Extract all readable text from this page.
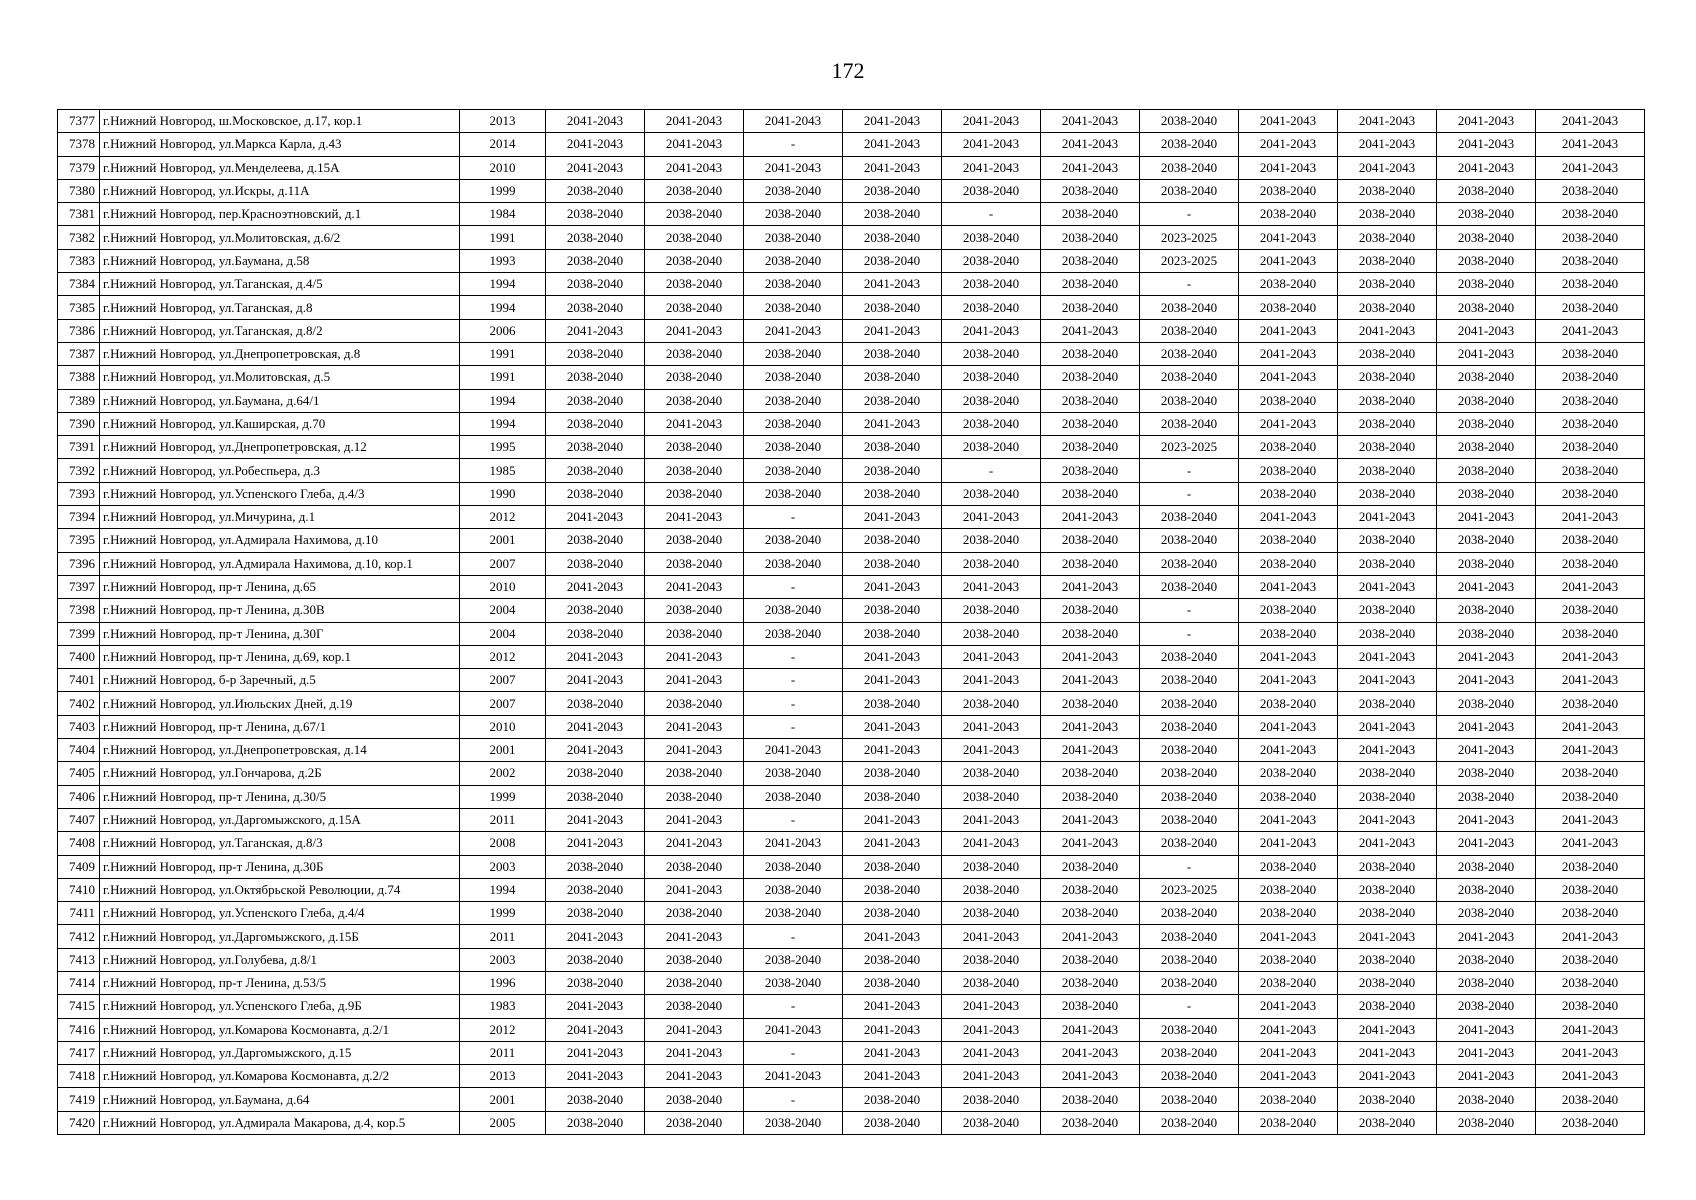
172
7377	г.Нижний Новгород, ш.Московское, д.17, кор.1	2013	2041-2043	2041-2043	2041-2043	2041-2043	2041-2043	2041-2043	2038-2040	2041-2043	2041-2043	2041-2043	2041-2043
7378	г.Нижний Новгород, ул.Маркса Карла, д.43	2014	2041-2043	2041-2043	-	2041-2043	2041-2043	2041-2043	2038-2040	2041-2043	2041-2043	2041-2043	2041-2043
7379	г.Нижний Новгород, ул.Менделеева, д.15А	2010	2041-2043	2041-2043	2041-2043	2041-2043	2041-2043	2041-2043	2038-2040	2041-2043	2041-2043	2041-2043	2041-2043
7380	г.Нижний Новгород, ул.Искры, д.11А	1999	2038-2040	2038-2040	2038-2040	2038-2040	2038-2040	2038-2040	2038-2040	2038-2040	2038-2040	2038-2040	2038-2040
7381	г.Нижний Новгород, пер.Красноэтновский, д.1	1984	2038-2040	2038-2040	2038-2040	2038-2040	-	2038-2040	-	2038-2040	2038-2040	2038-2040	2038-2040
7382	г.Нижний Новгород, ул.Молитовская, д.6/2	1991	2038-2040	2038-2040	2038-2040	2038-2040	2038-2040	2038-2040	2023-2025	2041-2043	2038-2040	2038-2040	2038-2040
7383	г.Нижний Новгород, ул.Баумана, д.58	1993	2038-2040	2038-2040	2038-2040	2038-2040	2038-2040	2038-2040	2023-2025	2041-2043	2038-2040	2038-2040	2038-2040
7384	г.Нижний Новгород, ул.Таганская, д.4/5	1994	2038-2040	2038-2040	2038-2040	2041-2043	2038-2040	2038-2040	-	2038-2040	2038-2040	2038-2040	2038-2040
7385	г.Нижний Новгород, ул.Таганская, д.8	1994	2038-2040	2038-2040	2038-2040	2038-2040	2038-2040	2038-2040	2038-2040	2038-2040	2038-2040	2038-2040	2038-2040
7386	г.Нижний Новгород, ул.Таганская, д.8/2	2006	2041-2043	2041-2043	2041-2043	2041-2043	2041-2043	2041-2043	2038-2040	2041-2043	2041-2043	2041-2043	2041-2043
7387	г.Нижний Новгород, ул.Днепропетровская, д.8	1991	2038-2040	2038-2040	2038-2040	2038-2040	2038-2040	2038-2040	2038-2040	2041-2043	2038-2040	2041-2043	2038-2040
7388	г.Нижний Новгород, ул.Молитовская, д.5	1991	2038-2040	2038-2040	2038-2040	2038-2040	2038-2040	2038-2040	2038-2040	2041-2043	2038-2040	2038-2040	2038-2040
7389	г.Нижний Новгород, ул.Баумана, д.64/1	1994	2038-2040	2038-2040	2038-2040	2038-2040	2038-2040	2038-2040	2038-2040	2038-2040	2038-2040	2038-2040	2038-2040
7390	г.Нижний Новгород, ул.Каширская, д.70	1994	2038-2040	2041-2043	2038-2040	2041-2043	2038-2040	2038-2040	2038-2040	2041-2043	2038-2040	2038-2040	2038-2040
7391	г.Нижний Новгород, ул.Днепропетровская, д.12	1995	2038-2040	2038-2040	2038-2040	2038-2040	2038-2040	2038-2040	2023-2025	2038-2040	2038-2040	2038-2040	2038-2040
7392	г.Нижний Новгород, ул.Робеспьера, д.3	1985	2038-2040	2038-2040	2038-2040	2038-2040	-	2038-2040	-	2038-2040	2038-2040	2038-2040	2038-2040
7393	г.Нижний Новгород, ул.Успенского Глеба, д.4/3	1990	2038-2040	2038-2040	2038-2040	2038-2040	2038-2040	2038-2040	-	2038-2040	2038-2040	2038-2040	2038-2040
7394	г.Нижний Новгород, ул.Мичурина, д.1	2012	2041-2043	2041-2043	-	2041-2043	2041-2043	2041-2043	2038-2040	2041-2043	2041-2043	2041-2043	2041-2043
7395	г.Нижний Новгород, ул.Адмирала Нахимова, д.10	2001	2038-2040	2038-2040	2038-2040	2038-2040	2038-2040	2038-2040	2038-2040	2038-2040	2038-2040	2038-2040	2038-2040
7396	г.Нижний Новгород, ул.Адмирала Нахимова, д.10, кор.1	2007	2038-2040	2038-2040	2038-2040	2038-2040	2038-2040	2038-2040	2038-2040	2038-2040	2038-2040	2038-2040	2038-2040
7397	г.Нижний Новгород, пр-т Ленина, д.65	2010	2041-2043	2041-2043	-	2041-2043	2041-2043	2041-2043	2038-2040	2041-2043	2041-2043	2041-2043	2041-2043
7398	г.Нижний Новгород, пр-т Ленина, д.30В	2004	2038-2040	2038-2040	2038-2040	2038-2040	2038-2040	2038-2040	-	2038-2040	2038-2040	2038-2040	2038-2040
7399	г.Нижний Новгород, пр-т Ленина, д.30Г	2004	2038-2040	2038-2040	2038-2040	2038-2040	2038-2040	2038-2040	-	2038-2040	2038-2040	2038-2040	2038-2040
7400	г.Нижний Новгород, пр-т Ленина, д.69, кор.1	2012	2041-2043	2041-2043	-	2041-2043	2041-2043	2041-2043	2038-2040	2041-2043	2041-2043	2041-2043	2041-2043
7401	г.Нижний Новгород, б-р Заречный, д.5	2007	2041-2043	2041-2043	-	2041-2043	2041-2043	2041-2043	2038-2040	2041-2043	2041-2043	2041-2043	2041-2043
7402	г.Нижний Новгород, ул.Июльских Дней, д.19	2007	2038-2040	2038-2040	-	2038-2040	2038-2040	2038-2040	2038-2040	2038-2040	2038-2040	2038-2040	2038-2040
7403	г.Нижний Новгород, пр-т Ленина, д.67/1	2010	2041-2043	2041-2043	-	2041-2043	2041-2043	2041-2043	2038-2040	2041-2043	2041-2043	2041-2043	2041-2043
7404	г.Нижний Новгород, ул.Днепропетровская, д.14	2001	2041-2043	2041-2043	2041-2043	2041-2043	2041-2043	2041-2043	2038-2040	2041-2043	2041-2043	2041-2043	2041-2043
7405	г.Нижний Новгород, ул.Гончарова, д.2Б	2002	2038-2040	2038-2040	2038-2040	2038-2040	2038-2040	2038-2040	2038-2040	2038-2040	2038-2040	2038-2040	2038-2040
7406	г.Нижний Новгород, пр-т Ленина, д.30/5	1999	2038-2040	2038-2040	2038-2040	2038-2040	2038-2040	2038-2040	2038-2040	2038-2040	2038-2040	2038-2040	2038-2040
7407	г.Нижний Новгород, ул.Даргомыжского, д.15А	2011	2041-2043	2041-2043	-	2041-2043	2041-2043	2041-2043	2038-2040	2041-2043	2041-2043	2041-2043	2041-2043
7408	г.Нижний Новгород, ул.Таганская, д.8/3	2008	2041-2043	2041-2043	2041-2043	2041-2043	2041-2043	2041-2043	2038-2040	2041-2043	2041-2043	2041-2043	2041-2043
7409	г.Нижний Новгород, пр-т Ленина, д.30Б	2003	2038-2040	2038-2040	2038-2040	2038-2040	2038-2040	2038-2040	-	2038-2040	2038-2040	2038-2040	2038-2040
7410	г.Нижний Новгород, ул.Октябрьской Революции, д.74	1994	2038-2040	2041-2043	2038-2040	2038-2040	2038-2040	2038-2040	2023-2025	2038-2040	2038-2040	2038-2040	2038-2040
7411	г.Нижний Новгород, ул.Успенского Глеба, д.4/4	1999	2038-2040	2038-2040	2038-2040	2038-2040	2038-2040	2038-2040	2038-2040	2038-2040	2038-2040	2038-2040	2038-2040
7412	г.Нижний Новгород, ул.Даргомыжского, д.15Б	2011	2041-2043	2041-2043	-	2041-2043	2041-2043	2041-2043	2038-2040	2041-2043	2041-2043	2041-2043	2041-2043
7413	г.Нижний Новгород, ул.Голубева, д.8/1	2003	2038-2040	2038-2040	2038-2040	2038-2040	2038-2040	2038-2040	2038-2040	2038-2040	2038-2040	2038-2040	2038-2040
7414	г.Нижний Новгород, пр-т Ленина, д.53/5	1996	2038-2040	2038-2040	2038-2040	2038-2040	2038-2040	2038-2040	2038-2040	2038-2040	2038-2040	2038-2040	2038-2040
7415	г.Нижний Новгород, ул.Успенского Глеба, д.9Б	1983	2041-2043	2038-2040	-	2041-2043	2041-2043	2038-2040	-	2041-2043	2038-2040	2038-2040	2038-2040
7416	г.Нижний Новгород, ул.Комарова Космонавта, д.2/1	2012	2041-2043	2041-2043	2041-2043	2041-2043	2041-2043	2041-2043	2038-2040	2041-2043	2041-2043	2041-2043	2041-2043
7417	г.Нижний Новгород, ул.Даргомыжского, д.15	2011	2041-2043	2041-2043	-	2041-2043	2041-2043	2041-2043	2038-2040	2041-2043	2041-2043	2041-2043	2041-2043
7418	г.Нижний Новгород, ул.Комарова Космонавта, д.2/2	2013	2041-2043	2041-2043	2041-2043	2041-2043	2041-2043	2041-2043	2038-2040	2041-2043	2041-2043	2041-2043	2041-2043
7419	г.Нижний Новгород, ул.Баумана, д.64	2001	2038-2040	2038-2040	-	2038-2040	2038-2040	2038-2040	2038-2040	2038-2040	2038-2040	2038-2040	2038-2040
7420	г.Нижний Новгород, ул.Адмирала Макарова, д.4, кор.5	2005	2038-2040	2038-2040	2038-2040	2038-2040	2038-2040	2038-2040	2038-2040	2038-2040	2038-2040	2038-2040	2038-2040
